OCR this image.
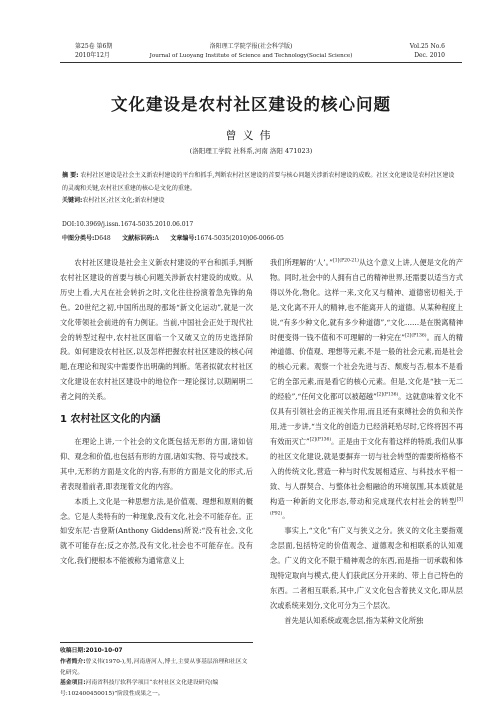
第25卷 第6期
2010年12月
洛阳理工学院学报(社会科学版)
Journal of Luoyang Institute of Science and Technology(Social Science)
Vol.25 No.6
Dec. 2010
文化建设是农村社区建设的核心问题
曾义伟
(洛阳理工学院 社科系,河南 洛阳 471023)
摘 要: 农村社区建设是社会主义新农村建设的平台和抓手,判断农村社区建设的首要与核心问题关涉新农村建设的成败。社区文化建设是农村社区建设的灵魂和关键,农村社区重建的核心是文化的重建。
关键词:农村社区;社区文化;新农村建设
DOI:10.3969/j.issn.1674-5035.2010.06.017
中图分类号:D648 文献标识码:A 文章编号:1674-5035(2010)06-0066-05

农村社区建设是社会主义新农村建设的平台和抓手,判断农村社区建设的首要与核心问题关涉新农村建设的成败。从历史上看,大凡在社会转折之时,文化往往扮演着急先锋的角色。20世纪之初,中国所出现的那场“新文化运动”,就是一次文化带领社会前进的有力例证。当前,中国社会正处于现代社会的转型过程中,农村社区面临一个又破又立的历史选择阶段。如何建设农村社区,以及怎样把握农村社区建设的核心问题,在理论和现实中需要作出明确的判断。笔者拟就农村社区文化建设在农村社区建设中的地位作一理论探讨,以期阐明二者之间的关系。

1 农村社区文化的内涵

在理论上讲,一个社会的文化既包括无形的方面,诸如信仰、观念和价值,也包括有形的方面,诸如实物、符号或技术。其中,无形的方面是文化的内容,有形的方面是文化的形式,后者表现着前者,即表现着文化的内容。

本质上,文化是一种思想方法,是价值观、理想和原则的概念。它是人类特有的一种现象,没有文化,社会不可能存在。正如安东尼·吉登斯(Anthony Giddens)所说:“没有社会,文化就不可能存在;反之亦然,没有文化,社会也不可能存在。没有文化,我们便根本不能被称为通常意义上

收稿日期:2010-10-07
作者简介:曾义伟(1970-),男,河南唐河人,博士,主要从事基层治理和社区文化研究。
基金项目:河南省科技厅软科学项目“农村社区文化建设研究(编号:102400450015)”阶段性成果之一。

我们所理解的‘人’。”$^{[1](P20-21)}$从这个意义上讲,人便是文化的产物。同时,社会中的人拥有自己的精神世界,还需要以适当方式得以外化,物化。这样一来,文化又与精神、道德密切相关,于是,文化离不开人的精神,也不能离开人的道德。从某种程度上说,“有多少种文化,就有多少种道德”,“文化……是在脱离精神时便变得一钱不值和不可理解的一种完在”$^{[2](P136)}$。而人的精神道德、价值观、理想等元素,不是一般的社会元素,而是社会的核心元素。观察一个社会先进与否、颓废与否,根本不是看它的全部元素,而是看它的核心元素。但是,文化是“独一无二的经验”,“任何文化都可以被超越”$^{[2](P136)}$。这就意味着文化不仅具有引领社会的正视关作用,而且还有束缚社会的负和关作用,进一步讲,“当文化的创造力已经消耗殆尽时,它终将因不再有效而灭亡”$^{[2](P136)}$。正是由于文化有着这样的特质,我们从事的社区文化建设,就是要摒弃一切与社会转型的需要所格格不入的传统文化,营造一种与时代发展相适应、与科技水平相一致、与人群契合、与整体社会相融洽的环境氛围,其本质就是构造一种新的文化形态,带动和完成现代农村社会的转型$^{[3](P92)}$。

事实上,“文化”有广义与狭义之分。狭义的文化主要指观念层面,包括特定的价值观念、道德观念和相联系的认知观念。广义的文化不限于精神观念的东西,而是指一切承载和体现特定取向与模式,使人们获此区分开来的、带上自己特色的东西。二者相互联系,其中,广义文化包含着狭义文化,即从层次或系统来划分,文化可分为三个层次。

首先是认知系统或观念层,指为某种文化所独
